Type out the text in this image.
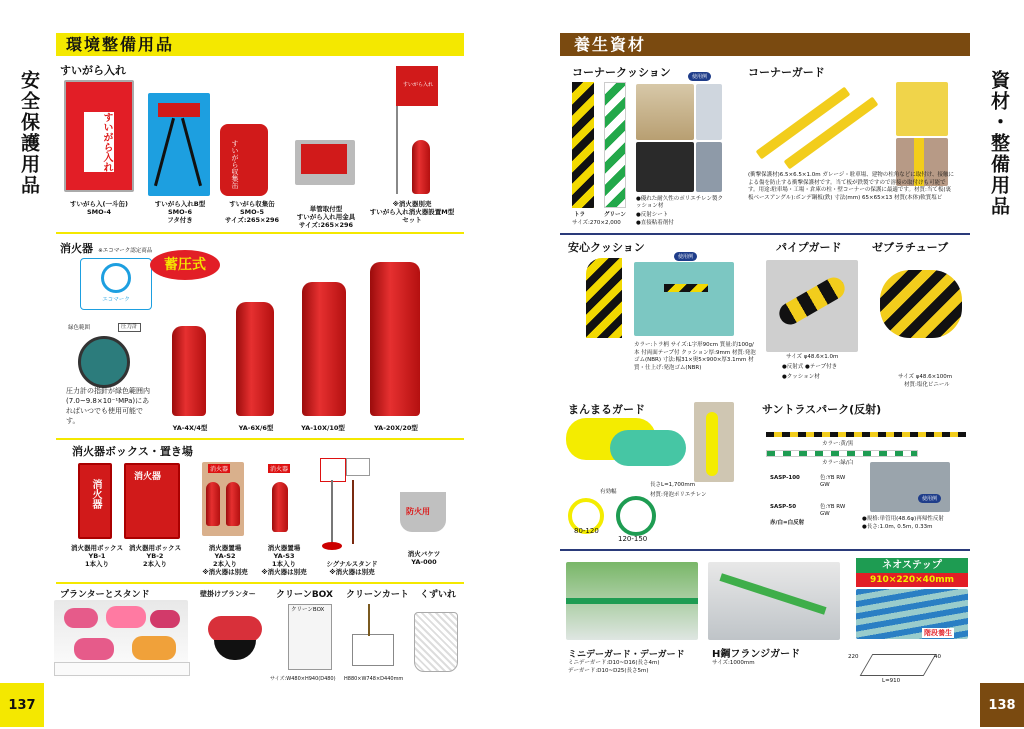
環境整備用品
安全保護用品 すいがら入れ
すいがら入れ	すいがら収集缶
すいがら入れ
すいがら入(一斗缶)
SMO-4
すいがら入れB型
SMO-6
フタ付き
すいがら収集缶
SMO-5
サイズ:265×296
単管取付型
すいがら入れ用金具
サイズ:265×296
※消火器別売
すいがら入れ消火器設置M型
セット
消火器 ※エコマーク認定商品
エコマーク
蓄圧式
緑色範囲	圧力計
圧力計の指針が緑色範囲内(7.0~9.8×10⁻¹MPa)にあればいつでも使用可能です。
YA-4X/4型	YA-6X/6型	YA-10X/10型	YA-20X/20型
消火器ボックス・置き場
消火器
消火器
消火器	消火器
防火用
消火器用ボックス
YB-1
1本入り
消火器用ボックス
YB-2
2本入り
消火器置場
YA-S2
2本入り
※消火器は別売
消火器置場
YA-S3
1本入り
※消火器は別売
シグナルスタンド
※消火器は別売
消火バケツ
YA-000
プランターとスタンド	壁掛けプランター クリーンBOX クリーンカート くずいれ
クリーンBOX
サイズ:W480×H940(D480) H880×W748×D440mm
137
養生資材
資材・整備用品
コーナークッション	使用例
トラ	グリーン
サイズ:270×2,000
●優れた耐久性のポリエチレン製クッション材
●反射シート
●直接粘着剤付
コーナーガード
(衝撃保護材)6.5×6.5×1.0m ガレージ・駐車場、建物の柱角などに取付け、接触による傷を防止する衝撃保護材です。当て板が鉄製ですので溶接の取付けも可能です。用途:駐車場・工場・倉庫の柱・壁コーナーの保護に最適です。材質:当て板(裏板ベースアングル):ボンデ鋼板(鉄) 寸法(mm) 65×65×13 材質(本体)軟質塩ビ
安心クッション
使用例
カラー:トラ柄 サイズ:L字形90cm 質量:約100g/本 付両面テープ付 クッション厚:9mm 材質:発泡ゴム(NBR) 寸法:幅31×奥5×900×厚3.1mm 材質・仕上げ:発泡ゴム(NBR)
パイプガード
サイズ φ48.6×1.0m
●反射式 ●テープ付き
●クッション材
ゼブラチューブ
サイズ φ48.6×100m
材質:塩化ビニール
まんまるガード
長さL=1,700mm
材質:発泡ポリエチレン
有効幅
80-120
120-150
サントラスパーク(反射)
カラー:黄/黒
カラー:緑/白
SASP-100	色:YB RW GW
SASP-50	色:YB RW GW
赤/白=白反射
使用例
●規格:単管用(48.6φ)再帰性反射
●長さ:1.0m, 0.5m, 0.33m
ミニデーガード・デーガード
ミニデーガード:D10~D16(長さ4m)
デーガード:D10~D25(長さ5m)
H鋼フランジガード
サイズ:1000mm
ネオステップ
910×220×40mm
階段養生
220	40
L=910
138
